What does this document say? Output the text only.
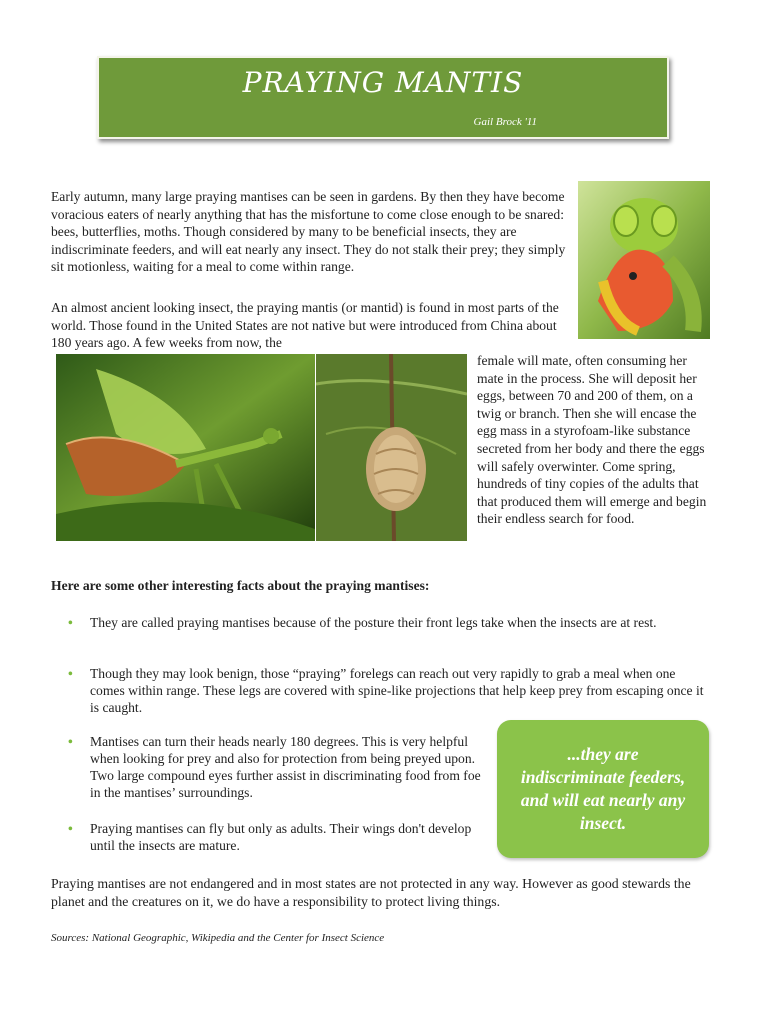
PRAYING MANTIS
Gail Brock '11

Early autumn, many large praying mantises can be seen in gardens. By then they have become voracious eaters of nearly anything that has the misfortune to come close enough to be snared: bees, butterflies, moths. Though considered by many to be beneficial insects, they are indiscriminate feeders, and will eat nearly any insect. They do not stalk their prey; they simply sit motionless, waiting for a meal to come within range.

An almost ancient looking insect, the praying mantis (or mantid) is found in most parts of the world. Those found in the United States are not native but were introduced from China about 180 years ago. A few weeks from now, the

female will mate, often consuming her mate in the process. She will deposit her eggs, between 70 and 200 of them, on a twig or branch. Then she will encase the egg mass in a styrofoam-like substance secreted from her body and there the eggs will safely overwinter. Come spring, hundreds of tiny copies of the adults that that produced them will emerge and begin their endless search for food.

Here are some other interesting facts about the praying mantises:

• They are called praying mantises because of the posture their front legs take when the insects are at rest.
• Though they may look benign, those “praying” forelegs can reach out very rapidly to grab a meal when one comes within range. These legs are covered with spine-like projections that help keep prey from escaping once it is caught.
• Mantises can turn their heads nearly 180 degrees. This is very helpful when looking for prey and also for protection from being preyed upon. Two large compound eyes further assist in discriminating food from foe in the mantises’ surroundings.
• Praying mantises can fly but only as adults. Their wings don't develop until the insects are mature.
...they are indiscriminate feeders, and will eat nearly any insect.

Praying mantises are not endangered and in most states are not protected in any way. However as good stewards the planet and the creatures on it, we do have a responsibility to protect living things.

Sources: National Geographic, Wikipedia and the Center for Insect Science
